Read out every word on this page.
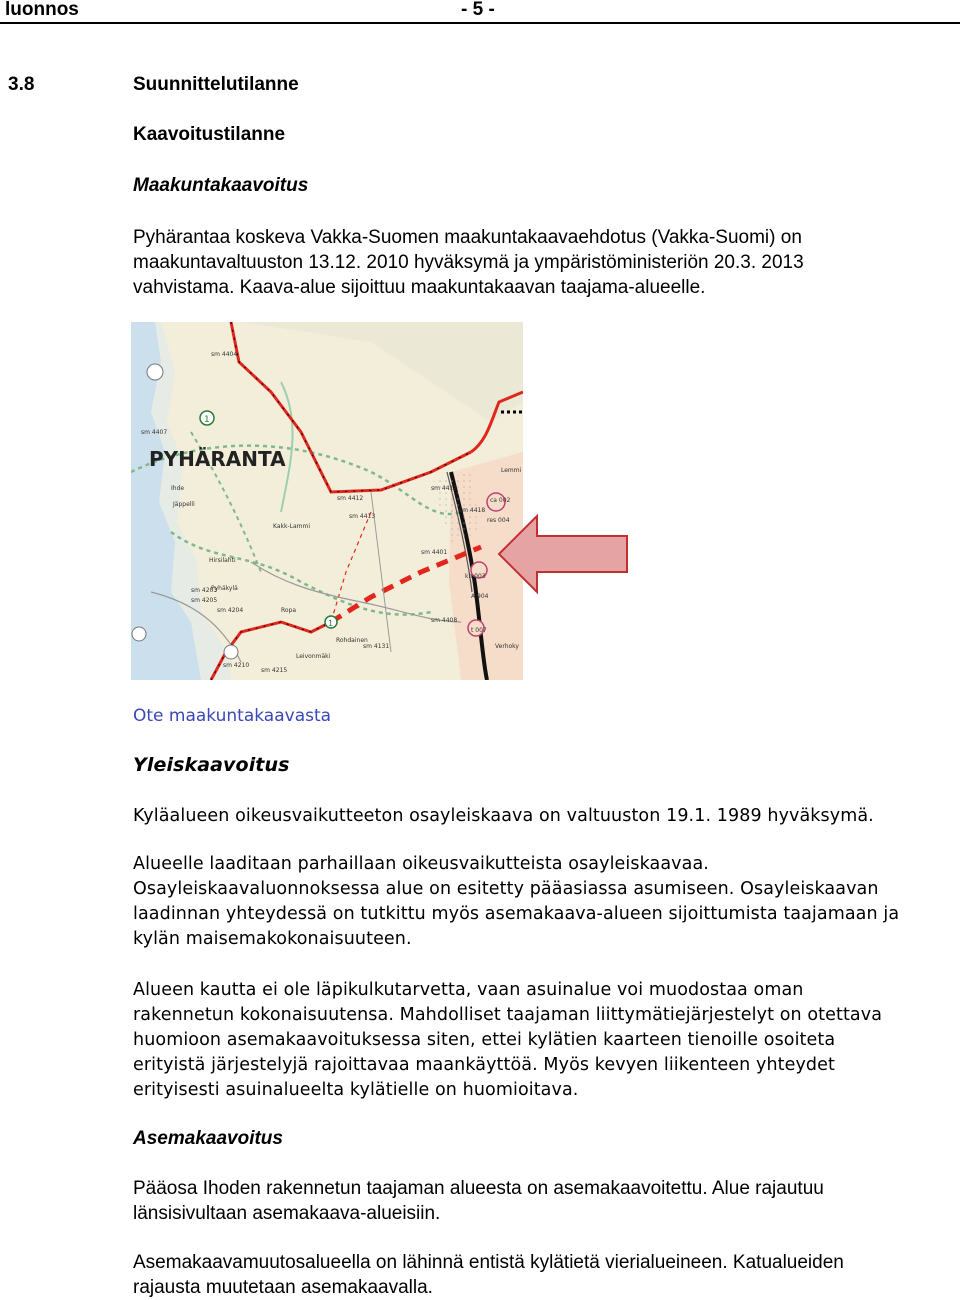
luonnos	- 5 -
3.8	Suunnittelutilanne
Kaavoitustilanne
Maakuntakaavoitus

Pyhärantaa koskeva Vakka-Suomen maakuntakaavaehdotus (Vakka-Suomi) on
maakuntavaltuuston 13.12. 2010 hyväksymä ja ympäristöministeriön 20.3. 2013
vahvistama. Kaava-alue sijoittuu maakuntakaavan taajama-alueelle.

PYHÄRANTA
1
1
sm 4404
sm 4407
Ihde
Jäppelli
Kakk-Lammi
sm 4412
sm 4413
sm 4417
sm 4401
sm 4203
sm 4205
sm 4210
sm 4215
sm 4204
Hirsilahti
Pyhäkylä
Ropa
Rohdainen
sm 4131
Leivonmäki
sm 4418
sm 4408
Lemmi
Verhoky
ca 002
res 004
kh 003
A 904
t 007
Ote maakuntakaavasta
Yleiskaavoitus

Kyläalueen oikeusvaikutteeton osayleiskaava on valtuuston 19.1. 1989 hyväksymä.

Alueelle laaditaan parhaillaan oikeusvaikutteista osayleiskaavaa.
Osayleiskaavaluonnoksessa alue on esitetty pääasiassa asumiseen. Osayleiskaavan
laadinnan yhteydessä on tutkittu myös asemakaava-alueen sijoittumista taajamaan ja
kylän maisemakokonaisuuteen.

Alueen kautta ei ole läpikulkutarvetta, vaan asuinalue voi muodostaa oman
rakennetun kokonaisuutensa. Mahdolliset taajaman liittymätiejärjestelyt on otettava
huomioon asemakaavoituksessa siten, ettei kylätien kaarteen tienoille osoiteta
erityistä järjestelyjä rajoittavaa maankäyttöä. Myös kevyen liikenteen yhteydet
erityisesti asuinalueelta kylätielle on huomioitava.

Asemakaavoitus

Pääosa Ihoden rakennetun taajaman alueesta on asemakaavoitettu. Alue rajautuu
länsisivultaan asemakaava-alueisiin.

Asemakaavamuutosalueella on lähinnä entistä kylätietä vierialueineen. Katualueiden
rajausta muutetaan asemakaavalla.
